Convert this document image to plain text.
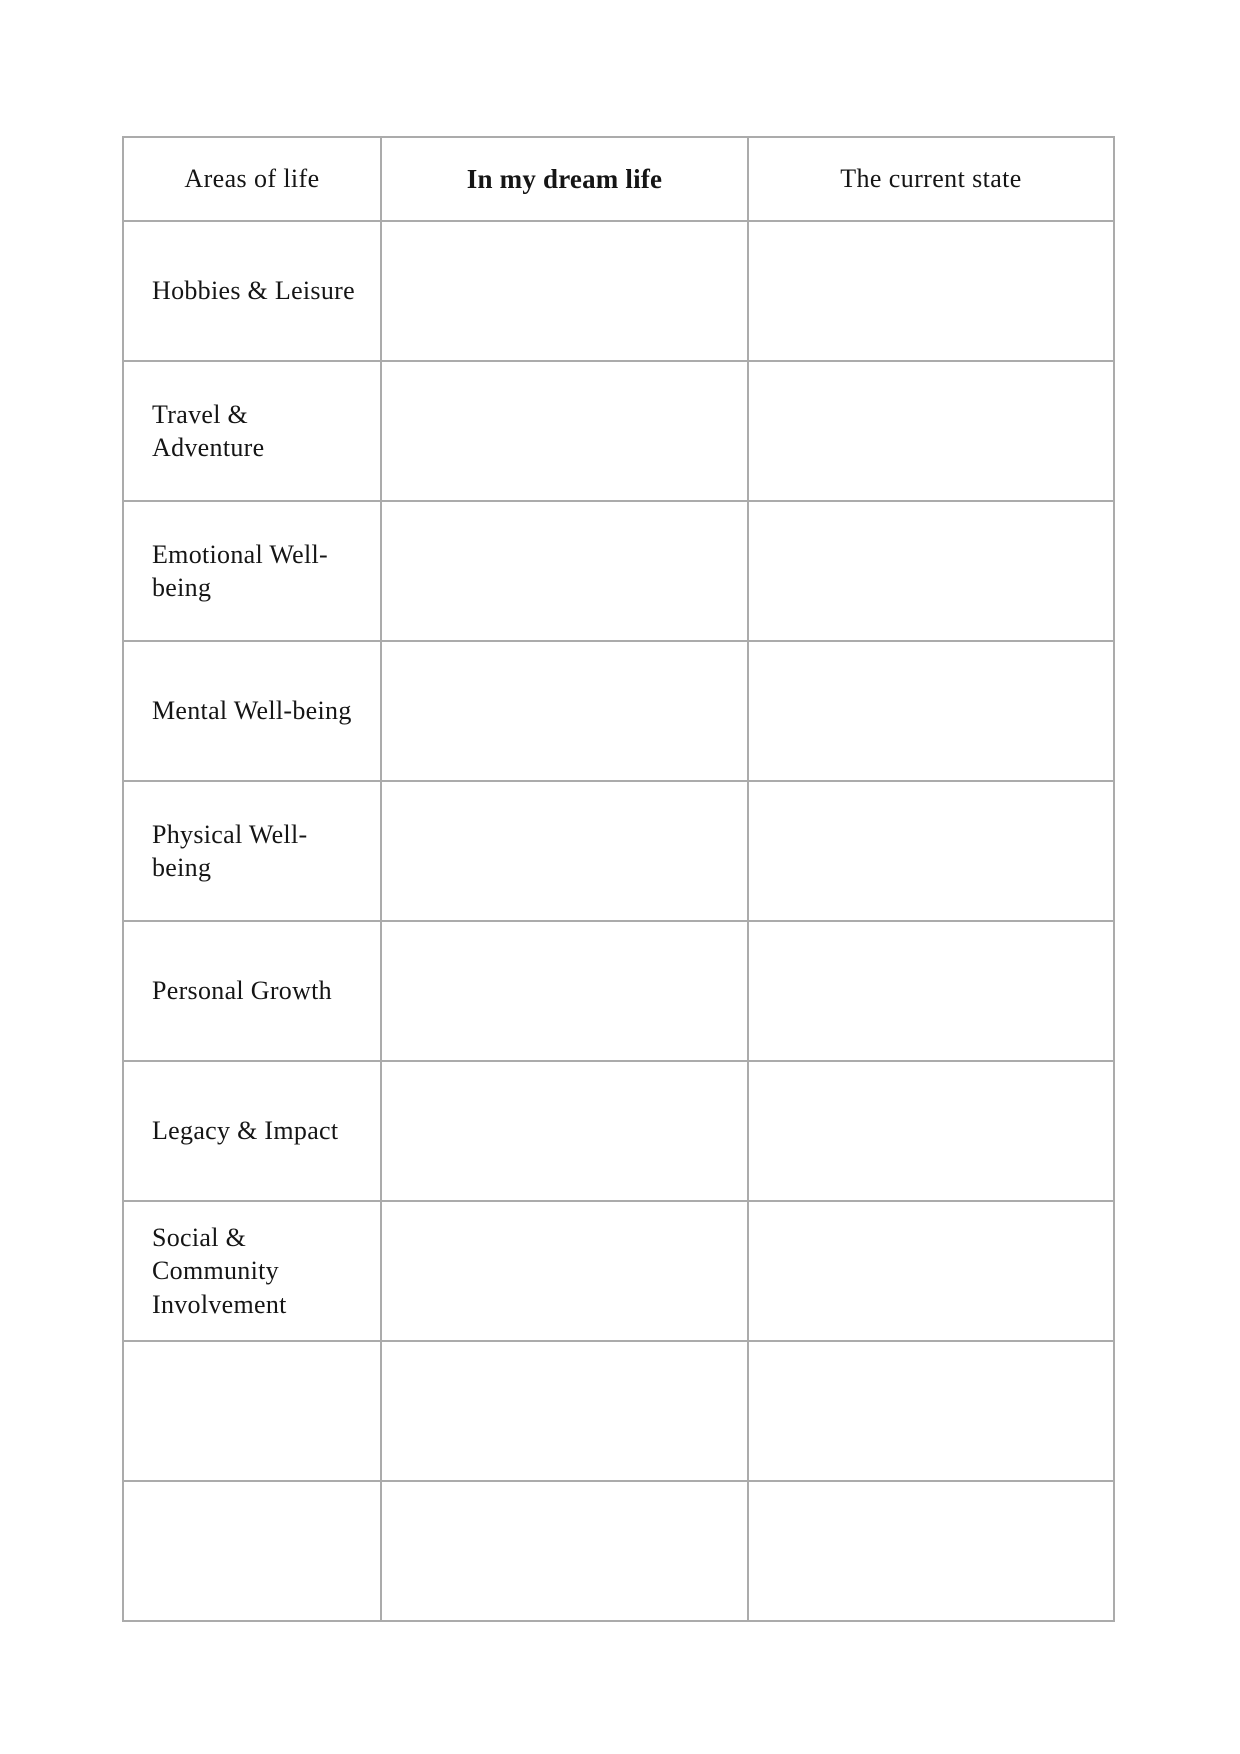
Areas of life	In my dream life	The current state
Hobbies & Leisure		
Travel & Adventure		
Emotional Well-being		
Mental Well-being		
Physical Well-being		
Personal Growth		
Legacy & Impact		
Social & Community Involvement		
